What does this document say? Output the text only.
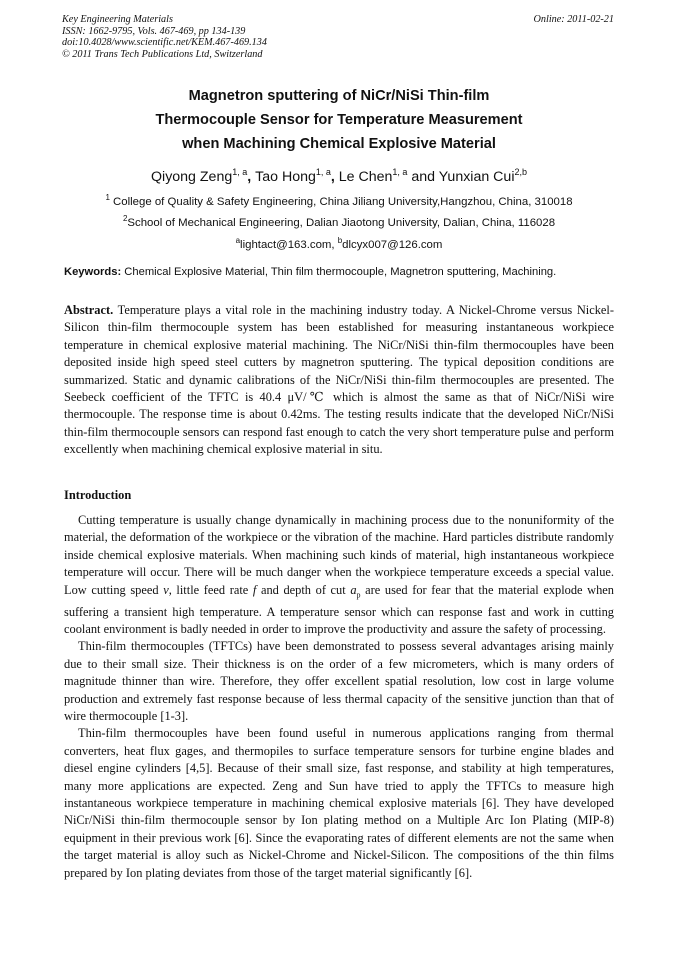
Key Engineering Materials
ISSN: 1662-9795, Vols. 467-469, pp 134-139
doi:10.4028/www.scientific.net/KEM.467-469.134
© 2011 Trans Tech Publications Ltd, Switzerland
Online: 2011-02-21
Magnetron sputtering of NiCr/NiSi Thin-film
Thermocouple Sensor for Temperature Measurement
when Machining Chemical Explosive Material
Qiyong Zeng$^{1, a}$, Tao Hong$^{1, a}$, Le Chen$^{1, a}$ and Yunxian Cui$^{2,b}$
$^1$ College of Quality & Safety Engineering, China Jiliang University,Hangzhou, China, 310018
$^2$School of Mechanical Engineering, Dalian Jiaotong University, Dalian, China, 116028
$^a$lightact@163.com, $^b$dlcyx007@126.com
Keywords: Chemical Explosive Material, Thin film thermocouple, Magnetron sputtering, Machining.

Abstract. Temperature plays a vital role in the machining industry today. A Nickel-Chrome versus Nickel-Silicon thin-film thermocouple system has been established for measuring instantaneous workpiece temperature in chemical explosive material machining. The NiCr/NiSi thin-film thermocouples have been deposited inside high speed steel cutters by magnetron sputtering. The typical deposition conditions are summarized. Static and dynamic calibrations of the NiCr/NiSi thin-film thermocouples are presented. The Seebeck coefficient of the TFTC is 40.4 μV/℃ which is almost the same as that of NiCr/NiSi wire thermocouple. The response time is about 0.42ms. The testing results indicate that the developed NiCr/NiSi thin-film thermocouple sensors can respond fast enough to catch the very short temperature pulse and perform excellently when machining chemical explosive material in situ.

Introduction

Cutting temperature is usually change dynamically in machining process due to the nonuniformity of the material, the deformation of the workpiece or the vibration of the machine. Hard particles distribute randomly inside chemical explosive materials. When machining such kinds of material, high instantaneous workpiece temperature will occur. There will be much danger when the workpiece temperature exceeds a special value. Low cutting speed v, little feed rate f and depth of cut $a_p$ are used for fear that the material explode when suffering a transient high temperature. A temperature sensor which can response fast and work in cutting coolant environment is badly needed in order to improve the productivity and assure the safety of processing.

Thin-film thermocouples (TFTCs) have been demonstrated to possess several advantages arising mainly due to their small size. Their thickness is on the order of a few micrometers, which is many orders of magnitude thinner than wire. Therefore, they offer excellent spatial resolution, low cost in large volume production and extremely fast response because of less thermal capacity of the sensitive junction than that of wire thermocouple [1-3].

Thin-film thermocouples have been found useful in numerous applications ranging from thermal converters, heat flux gages, and thermopiles to surface temperature sensors for turbine engine blades and diesel engine cylinders [4,5]. Because of their small size, fast response, and stability at high temperatures, many more applications are expected. Zeng and Sun have tried to apply the TFTCs to measure high instantaneous workpiece temperature in machining chemical explosive materials [6]. They have developed NiCr/NiSi thin-film thermocouple sensor by Ion plating method on a Multiple Arc Ion Plating (MIP-8) equipment in their previous work [6]. Since the evaporating rates of different elements are not the same when the target material is alloy such as Nickel-Chrome and Nickel-Silicon. The compositions of the thin films prepared by Ion plating deviates from those of the target material significantly [6].
